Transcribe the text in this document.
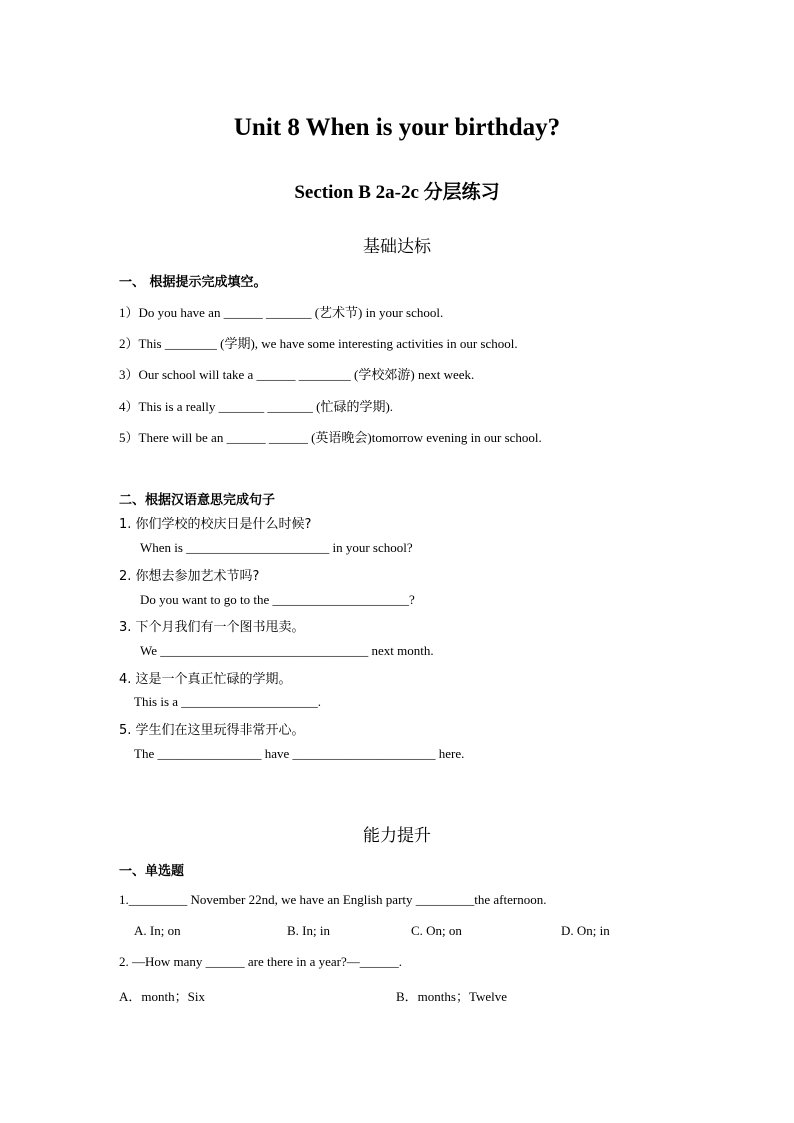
Unit 8 When is your birthday?
Section B 2a-2c 分层练习
基础达标
一、 根据提示完成填空。
1）Do you have an ______ _______ (艺术节) in your school.
2）This ________ (学期), we have some interesting activities in our school.
3）Our school will take a ______ ________ (学校郊游) next week.
4）This is a really _______ _______ (忙碌的学期).
5）There will be an ______ ______ (英语晚会)tomorrow evening in our school.
二、根据汉语意思完成句子
1. 你们学校的校庆日是什么时候?
When is ______________________ in your school?
2. 你想去参加艺术节吗?
Do you want to go to the _____________________?
3. 下个月我们有一个图书甩卖。
We ________________________________ next month.
4. 这是一个真正忙碌的学期。
This is a _____________________.
5. 学生们在这里玩得非常开心。
The ________________ have ______________________ here.
能力提升
一、单选题
1._________ November 22nd, we have an English party _________the afternoon.
A. In; on	B. In; in	C. On; on	D. On; in
2. —How many ______ are there in a year?—______.
A．month；Six	B．months；Twelve
